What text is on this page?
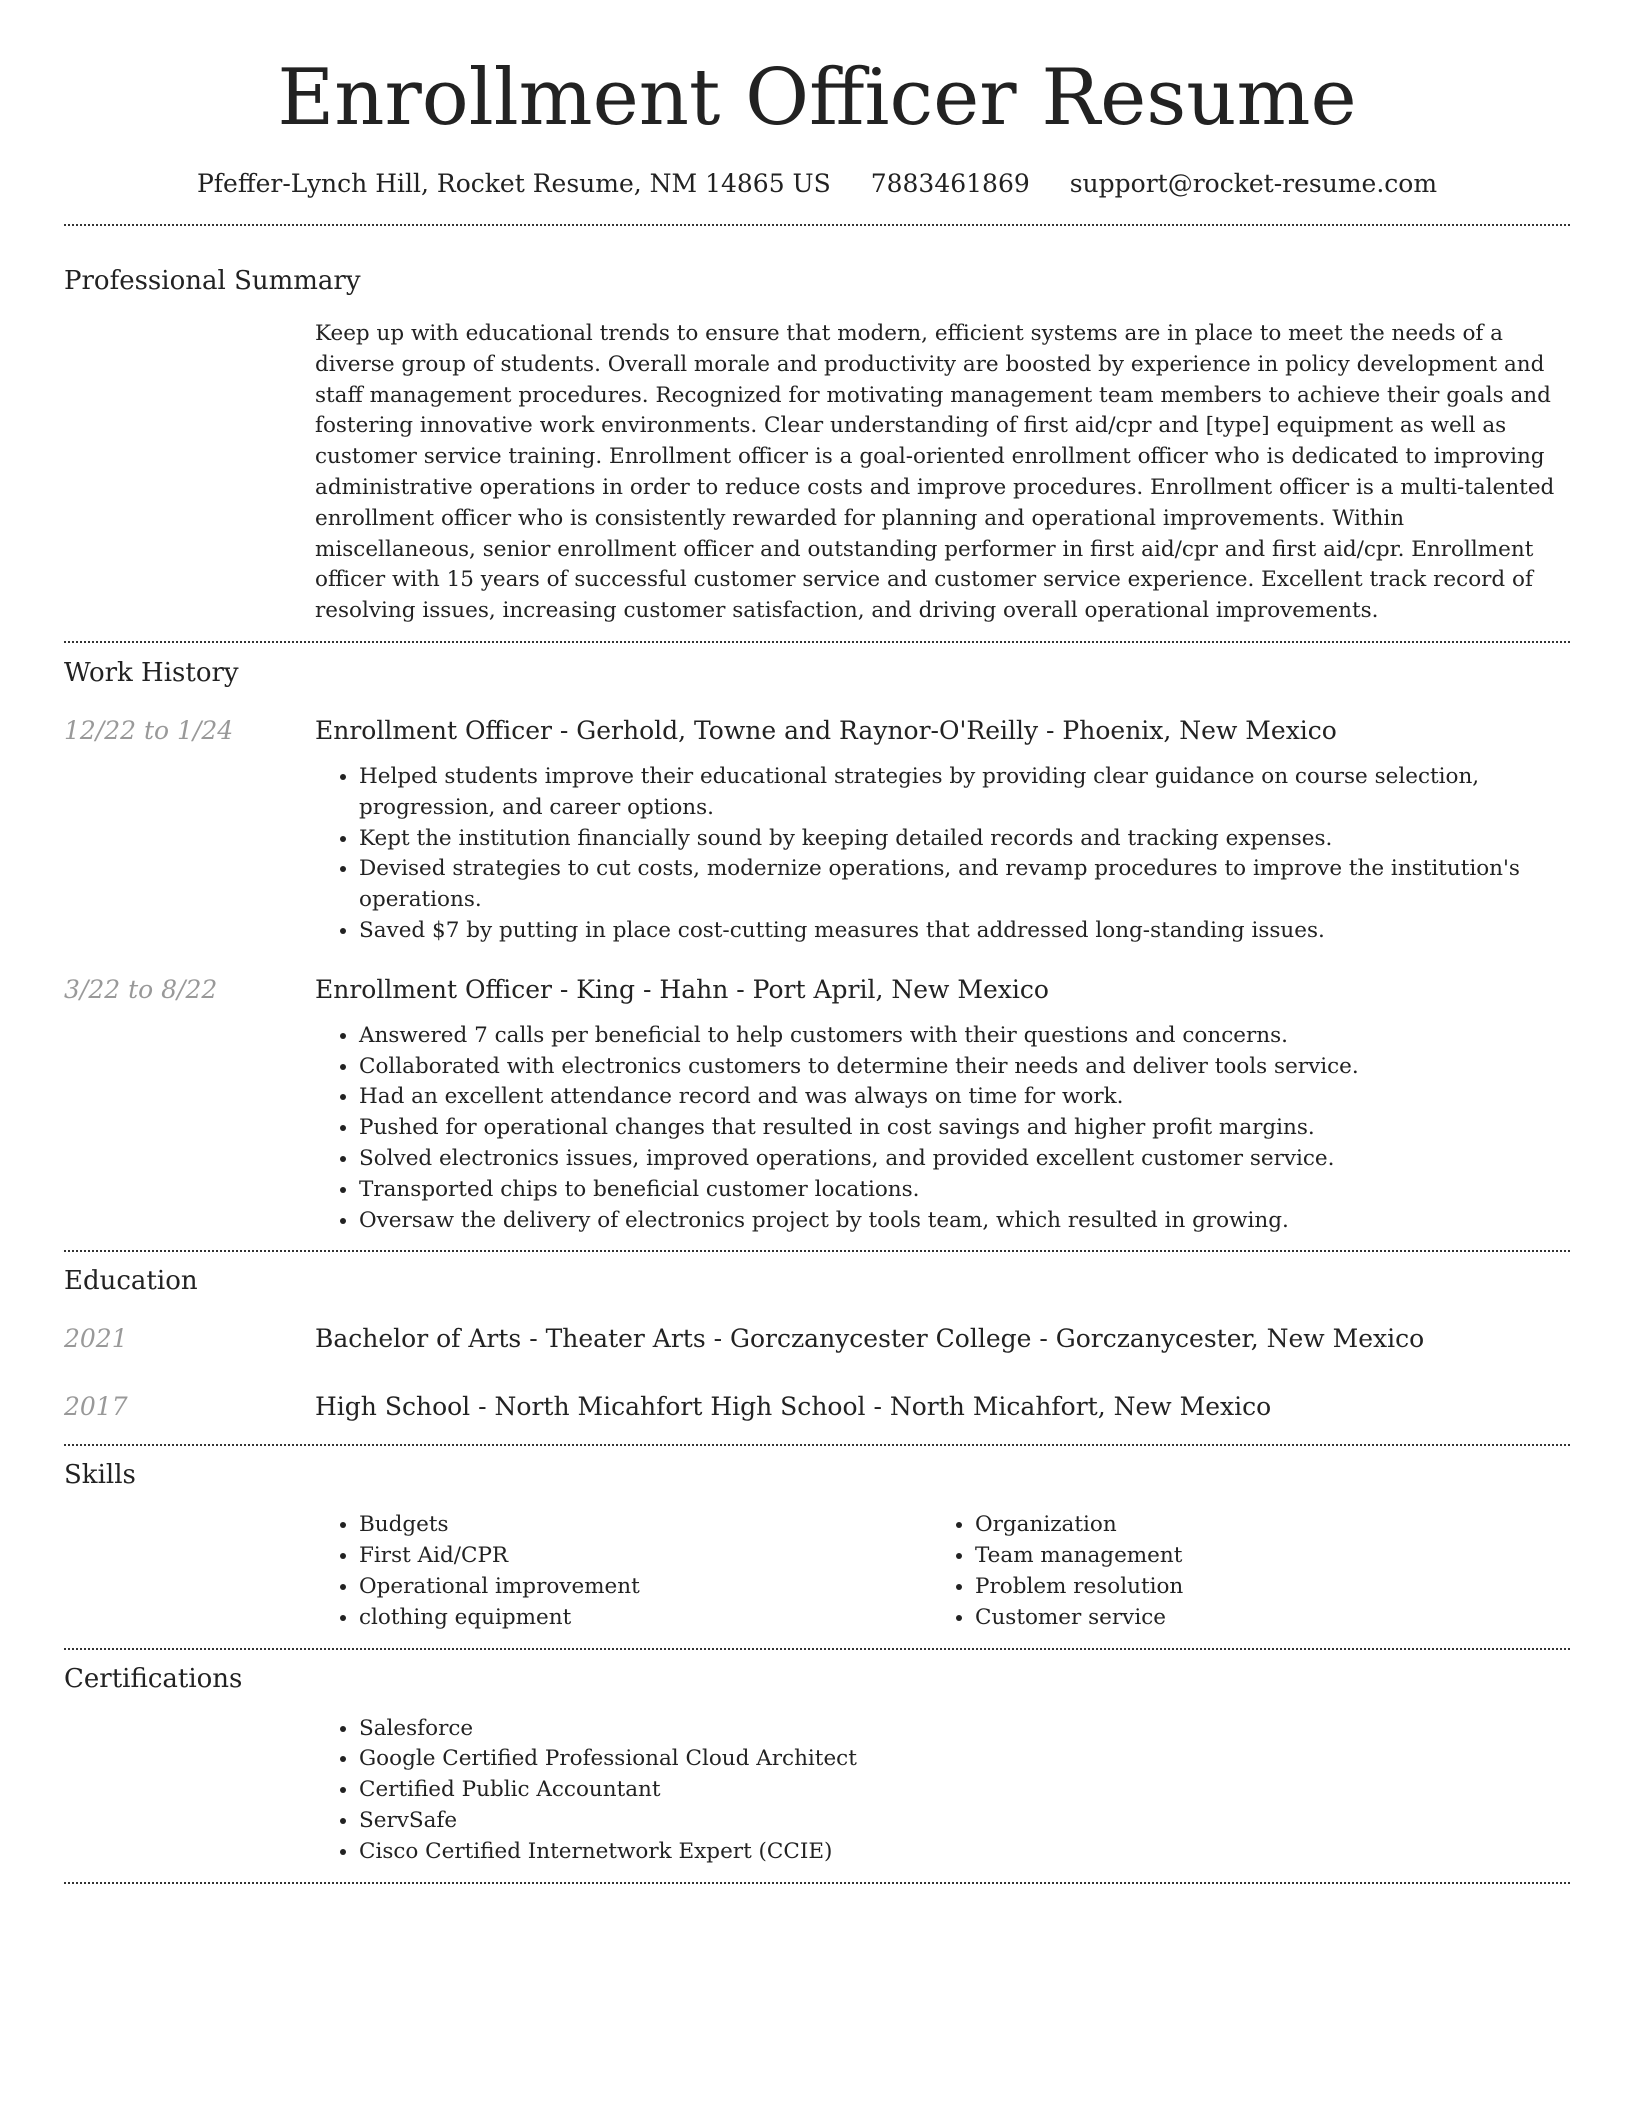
Enrollment Officer Resume
Pfeffer-Lynch Hill, Rocket Resume, NM 14865 US 7883461869 support@rocket-resume.com
Professional Summary
Keep up with educational trends to ensure that modern, efficient systems are in place to meet the needs of a diverse group of students. Overall morale and productivity are boosted by experience in policy development and staff management procedures. Recognized for motivating management team members to achieve their goals and fostering innovative work environments. Clear understanding of first aid/cpr and [type] equipment as well as customer service training. Enrollment officer is a goal-oriented enrollment officer who is dedicated to improving administrative operations in order to reduce costs and improve procedures. Enrollment officer is a multi-talented enrollment officer who is consistently rewarded for planning and operational improvements. Within miscellaneous, senior enrollment officer and outstanding performer in first aid/cpr and first aid/cpr. Enrollment officer with 15 years of successful customer service and customer service experience. Excellent track record of resolving issues, increasing customer satisfaction, and driving overall operational improvements.
Work History
12/22 to 1/24	Enrollment Officer - Gerhold, Towne and Raynor-O'Reilly - Phoenix, New Mexico
• Helped students improve their educational strategies by providing clear guidance on course selection, progression, and career options.
• Kept the institution financially sound by keeping detailed records and tracking expenses.
• Devised strategies to cut costs, modernize operations, and revamp procedures to improve the institution's operations.
• Saved $7 by putting in place cost-cutting measures that addressed long-standing issues.
3/22 to 8/22	Enrollment Officer - King - Hahn - Port April, New Mexico
• Answered 7 calls per beneficial to help customers with their questions and concerns.
• Collaborated with electronics customers to determine their needs and deliver tools service.
• Had an excellent attendance record and was always on time for work.
• Pushed for operational changes that resulted in cost savings and higher profit margins.
• Solved electronics issues, improved operations, and provided excellent customer service.
• Transported chips to beneficial customer locations.
• Oversaw the delivery of electronics project by tools team, which resulted in growing.
Education
2021	Bachelor of Arts - Theater Arts - Gorczanycester College - Gorczanycester, New Mexico
2017	High School - North Micahfort High School - North Micahfort, New Mexico
Skills
• Budgets
• First Aid/CPR
• Operational improvement
• clothing equipment
• Organization
• Team management
• Problem resolution
• Customer service
Certifications
• Salesforce
• Google Certified Professional Cloud Architect
• Certified Public Accountant
• ServSafe
• Cisco Certified Internetwork Expert (CCIE)
